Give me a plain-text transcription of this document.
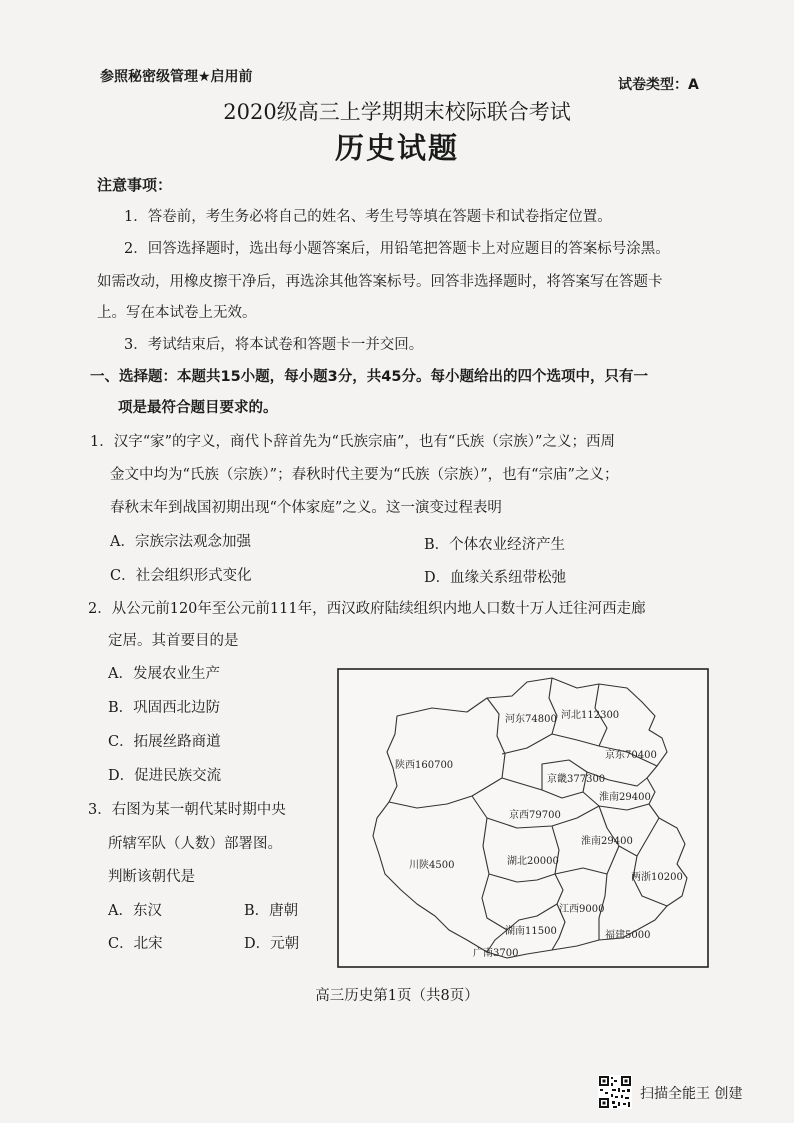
参照秘密级管理★启用前	试卷类型：A
2020级高三上学期期末校际联合考试
历史试题
注意事项：
1．答卷前，考生务必将自己的姓名、考生号等填在答题卡和试卷指定位置。
2．回答选择题时，选出每小题答案后，用铅笔把答题卡上对应题目的答案标号涂黑。
如需改动，用橡皮擦干净后，再选涂其他答案标号。回答非选择题时，将答案写在答题卡
上。写在本试卷上无效。
3．考试结束后，将本试卷和答题卡一并交回。
一、选择题：本题共15小题，每小题3分，共45分。每小题给出的四个选项中，只有一
项是最符合题目要求的。
1．汉字“家”的字义，商代卜辞首先为“氏族宗庙”，也有“氏族（宗族）”之义；西周
金文中均为“氏族（宗族）”；春秋时代主要为“氏族（宗族）”，也有“宗庙”之义；
春秋末年到战国初期出现“个体家庭”之义。这一演变过程表明
A．宗族宗法观念加强	B．个体农业经济产生
C．社会组织形式变化	D．血缘关系纽带松弛
2．从公元前120年至公元前111年，西汉政府陆续组织内地人口数十万人迁往河西走廊
定居。其首要目的是
A．发展农业生产
B．巩固西北边防
C．拓展丝路商道
D．促进民族交流
3．右图为某一朝代某时期中央
所辖军队（人数）部署图。
判断该朝代是
A．东汉	B．唐朝
C．北宋	D．元朝
河东74800 河北112300
陕西160700
京东70400
京畿377300
淮南29400
京西79700
淮南29400
川陕4500	湖北20000
两浙10200
江西9000
湖南11500	福建5000
广南3700
高三历史第1页（共8页）
扫描全能王 创建
